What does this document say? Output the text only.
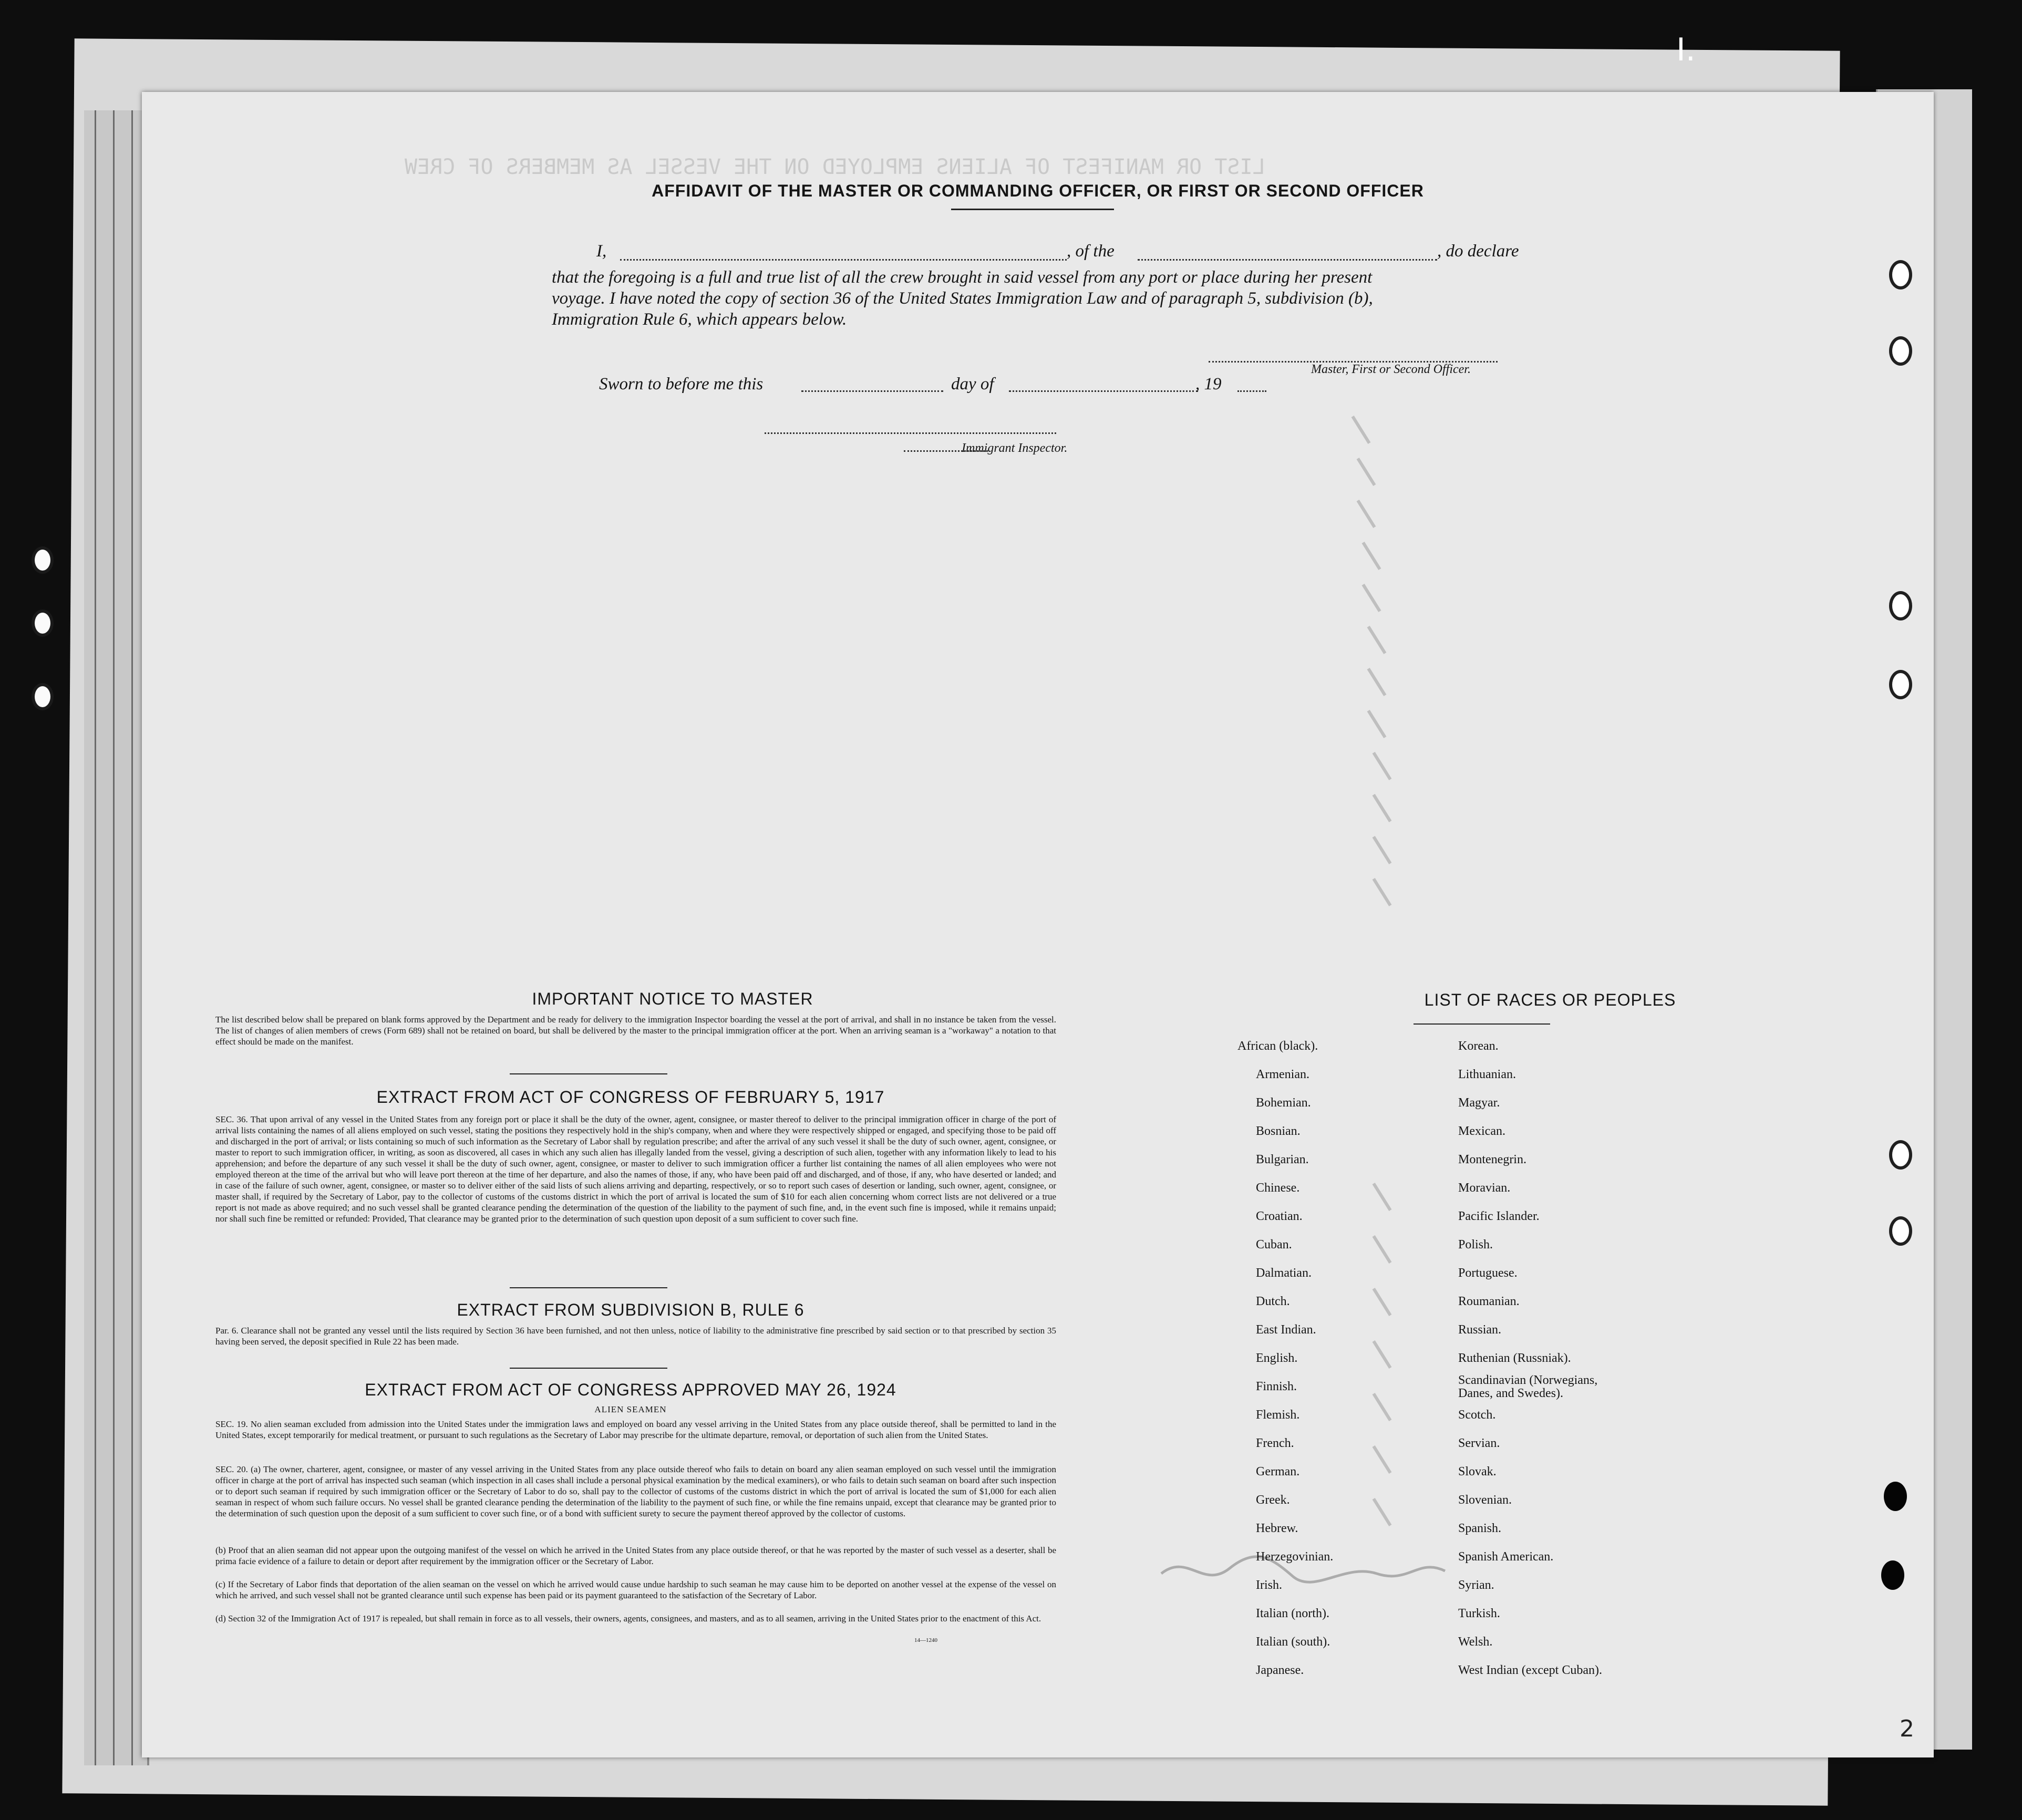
I.
LIST OR MANIFEST OF ALIENS EMPLOYED ON THE VESSEL AS MEMBERS OF CREW
AFFIDAVIT OF THE MASTER OR COMMANDING OFFICER, OR FIRST OR SECOND OFFICER
I,	, of the	, do declare
that the foregoing is a full and true list of all the crew brought in said vessel from any port or place during her present
voyage. I have noted the copy of section 36 of the United States Immigration Law and of paragraph 5, subdivision (b),
Immigration Rule 6, which appears below.
Master, First or Second Officer.
Sworn to before me this	day of	, 19
Immigrant Inspector.
IMPORTANT NOTICE TO MASTER
The list described below shall be prepared on blank forms approved by the Department and be ready for delivery to the immigration Inspector boarding the vessel at the port of arrival, and shall in no instance be taken from the vessel. The list of changes of alien members of crews (Form 689) shall not be retained on board, but shall be delivered by the master to the principal immigration officer at the port. When an arriving seaman is a "workaway" a notation to that effect should be made on the manifest.
EXTRACT FROM ACT OF CONGRESS OF FEBRUARY 5, 1917
SEC. 36. That upon arrival of any vessel in the United States from any foreign port or place it shall be the duty of the owner, agent, consignee, or master thereof to deliver to the principal immigration officer in charge of the port of arrival lists containing the names of all aliens employed on such vessel, stating the positions they respectively hold in the ship's company, when and where they were respectively shipped or engaged, and specifying those to be paid off and discharged in the port of arrival; or lists containing so much of such information as the Secretary of Labor shall by regulation prescribe; and after the arrival of any such vessel it shall be the duty of such owner, agent, consignee, or master to report to such immigration officer, in writing, as soon as discovered, all cases in which any such alien has illegally landed from the vessel, giving a description of such alien, together with any information likely to lead to his apprehension; and before the departure of any such vessel it shall be the duty of such owner, agent, consignee, or master to deliver to such immigration officer a further list containing the names of all alien employees who were not employed thereon at the time of the arrival but who will leave port thereon at the time of her departure, and also the names of those, if any, who have been paid off and discharged, and of those, if any, who have deserted or landed; and in case of the failure of such owner, agent, consignee, or master so to deliver either of the said lists of such aliens arriving and departing, respectively, or so to report such cases of desertion or landing, such owner, agent, consignee, or master shall, if required by the Secretary of Labor, pay to the collector of customs of the customs district in which the port of arrival is located the sum of $10 for each alien concerning whom correct lists are not delivered or a true report is not made as above required; and no such vessel shall be granted clearance pending the determination of the question of the liability to the payment of such fine, and, in the event such fine is imposed, while it remains unpaid; nor shall such fine be remitted or refunded: Provided, That clearance may be granted prior to the determination of such question upon deposit of a sum sufficient to cover such fine.
EXTRACT FROM SUBDIVISION B, RULE 6
Par. 6. Clearance shall not be granted any vessel until the lists required by Section 36 have been furnished, and not then unless, notice of liability to the administrative fine prescribed by said section or to that prescribed by section 35 having been served, the deposit specified in Rule 22 has been made.
EXTRACT FROM ACT OF CONGRESS APPROVED MAY 26, 1924
ALIEN SEAMEN
SEC. 19. No alien seaman excluded from admission into the United States under the immigration laws and employed on board any vessel arriving in the United States from any place outside thereof, shall be permitted to land in the United States, except temporarily for medical treatment, or pursuant to such regulations as the Secretary of Labor may prescribe for the ultimate departure, removal, or deportation of such alien from the United States.
SEC. 20. (a) The owner, charterer, agent, consignee, or master of any vessel arriving in the United States from any place outside thereof who fails to detain on board any alien seaman employed on such vessel until the immigration officer in charge at the port of arrival has inspected such seaman (which inspection in all cases shall include a personal physical examination by the medical examiners), or who fails to detain such seaman on board after such inspection or to deport such seaman if required by such immigration officer or the Secretary of Labor to do so, shall pay to the collector of customs of the customs district in which the port of arrival is located the sum of $1,000 for each alien seaman in respect of whom such failure occurs. No vessel shall be granted clearance pending the determination of the liability to the payment of such fine, or while the fine remains unpaid, except that clearance may be granted prior to the determination of such question upon the deposit of a sum sufficient to cover such fine, or of a bond with sufficient surety to secure the payment thereof approved by the collector of customs.
(b) Proof that an alien seaman did not appear upon the outgoing manifest of the vessel on which he arrived in the United States from any place outside thereof, or that he was reported by the master of such vessel as a deserter, shall be prima facie evidence of a failure to detain or deport after requirement by the immigration officer or the Secretary of Labor.
(c) If the Secretary of Labor finds that deportation of the alien seaman on the vessel on which he arrived would cause undue hardship to such seaman he may cause him to be deported on another vessel at the expense of the vessel on which he arrived, and such vessel shall not be granted clearance until such expense has been paid or its payment guaranteed to the satisfaction of the Secretary of Labor.
(d) Section 32 of the Immigration Act of 1917 is repealed, but shall remain in force as to all vessels, their owners, agents, consignees, and masters, and as to all seamen, arriving in the United States prior to the enactment of this Act.
14—1240
LIST OF RACES OR PEOPLES
African (black).
Armenian.
Bohemian.
Bosnian.
Bulgarian.
Chinese.
Croatian.
Cuban.
Dalmatian.
Dutch.
East Indian.
English.
Finnish.
Flemish.
French.
German.
Greek.
Hebrew.
Herzegovinian.
Irish.
Italian (north).
Italian (south).
Japanese.
Korean.
Lithuanian.
Magyar.
Mexican.
Montenegrin.
Moravian.
Pacific Islander.
Polish.
Portuguese.
Roumanian.
Russian.
Ruthenian (Russniak).
Scandinavian (Norwegians, Danes, and Swedes).
Scotch.
Servian.
Slovak.
Slovenian.
Spanish.
Spanish American.
Syrian.
Turkish.
Welsh.
West Indian (except Cuban).
2
